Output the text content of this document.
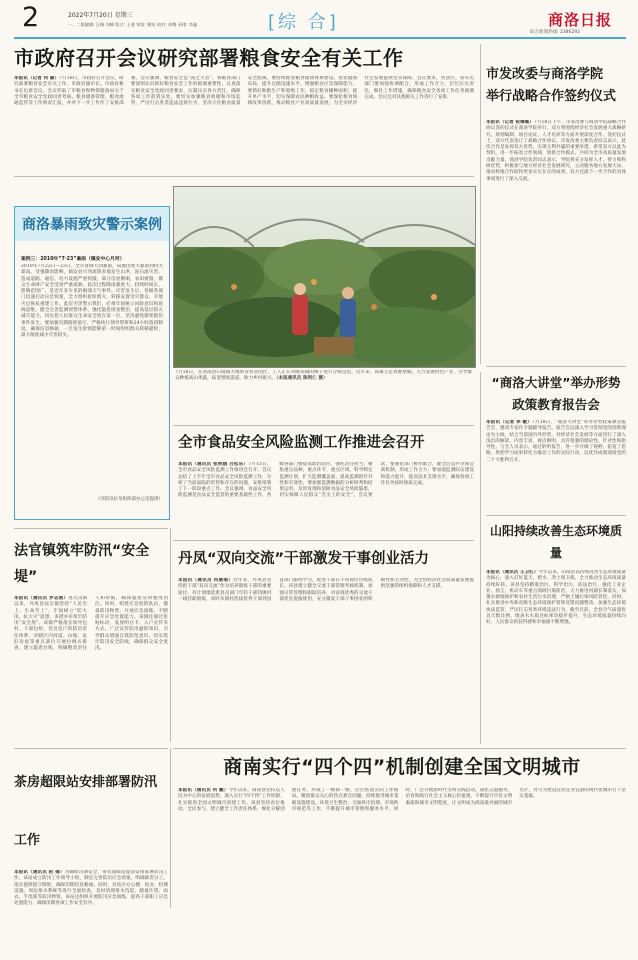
2	2022年7月20日 星期三
一、二版编辑: 汪臻 刘峰 版式: 王斐 审读: 柳东 校对: 胡梅 录排: 李鑫	[综 合]	商洛日报
综合新闻热线: 2386292
市政府召开会议研究部署粮食安全有关工作
本报讯（记者 何 颖）7月18日，市政府召开会议，研究部署粮食安全有关工作。市政府副市长、市政府秘书长出席会议。会议听取了市粮食和物资储备局关于全市粮食安全党政同责考核、粮食储备管理、粮食流通监管等工作情况汇报，并对下一步工作作了安排部署。会议强调，粮食安全是“国之大者”，各级各部门要深刻认识抓好粮食安全工作的极端重要性，认真落实粮食安全党政同责要求，压紧压实各方责任，确保各项工作落到实处。要切实加强粮食收储和市场监管，严厉打击各类违法违规行为，坚决守住粮食质量安全底线。要持续推进粮食储备体系建设，优化储备布局，提升仓储设施水平，增强粮食应急保障能力。要抓好秋粮生产和收购工作，稳定粮食播种面积，提升单产水平，切实保障农民种粮收益。要深化粮食领域改革创新，推动粮食产业高质量发展，为全市经济社会发展提供坚实保障。会议要求，各县区、各有关部门要加强协调配合，形成工作合力，层层压实责任，细化工作措施，确保粮食安全各项工作任务圆满完成。会议还对其他相关工作进行了安排。
市发改委与商洛学院
举行战略合作签约仪式
本报讯（记者 祝琳璐）7月18日下午，市发改委与商洛学院战略合作协议签约仪式在商洛学院举行。双方将围绕经济社会发展重大战略研究、规划编制、项目论证、人才培养等方面开展深度合作。签约仪式上，双方代表签订了战略合作协议。市发改委主要负责同志表示，此次合作是发挥双方优势、实现互利共赢的重要举措，希望双方以此为契机，进一步拓宽合作领域，创新合作模式，共同为全市高质量发展贡献力量。商洛学院负责同志表示，学院将充分发挥人才、智力和科研优势，积极参与地方经济社会发展研究，主动服务地方发展大局，推动校地合作取得更多实实在在的成果。双方还就下一步合作的具体事项进行了深入交流。
商洛暴雨致灾警示案例
案例三：2010年“7·23”暴雨（镇安中心月河）
2010年7月22日—23日，全市普降大到暴雨，局地出现大暴雨到特大暴雨。受强降雨影响，镇安县月河流域多地发生山洪、泥石流灾害，造成道路、通信、电力设施严重损毁，部分房屋倒塌，农田被毁，群众生命财产安全受到严重威胁。此次过程降雨强度大、持续时间长、影响范围广，是近年来少见的极端天气事件。灾害发生后，各级各部门迅速启动应急预案，全力组织抢险救灾，转移安置受灾群众，开展灾后恢复重建工作。此次灾害警示我们，必须牢固树立风险意识和底线思维，健全完善监测预警体系，强化隐患排查整治，提高基层防灾减灾能力，切实把人民群众生命安全放在第一位，坚决避免群死群伤事件发生。要加强汛期值班值守，严格执行领导带班和24小时值班制度，确保信息畅通，一旦发生险情能够第一时间组织群众转移避险，最大限度减少灾害损失。
（市防汛抗旱指挥部办公室提供）
7月18日，在洛南县石坡镇大地果业农业园区，工人正在对刚采摘的桃子进行分拣包装。近年来，该镇立足资源禀赋，大力发展特色产业，引导群众种植高山果蔬，拓宽增收渠道，助力乡村振兴。（本报通讯员 陈利仁 摄）	“商洛大讲堂”举办形势政策教育报告会
本报讯（记者 李 敏）7月18日，“商洛大讲堂”举办形势政策教育报告会，邀请专家作专题辅导报告。报告会以深入学习贯彻党的创新理论为主线，结合当前国内外形势，对经济社会发展等方面进行了深入浅出的解读，内容丰富，观点鲜明，具有很强的理论性、针对性和指导性。与会人员表示，通过聆听报告，进一步开阔了视野、拓宽了思路，将把学习成果转化为推动工作的实际行动，以优异成绩迎接党的二十大胜利召开。
全市食品安全风险监测工作推进会召开
本报讯（通讯员 张秋娥 吕松东）7月15日，全市食品安全风险监测工作推进会召开。会议总结了上半年全市食品安全风险监测工作，分析了当前面临的形势和存在的问题，安排部署了下一阶段重点工作。会议强调，食品安全风险监测是食品安全监管的重要基础性工作，各级各部门要提高政治站位，强化责任担当，聚焦重点品种、重点环节、重点区域，科学制定监测计划，扩大监测覆盖面，提高监测的针对性和有效性。要加强监测数据的分析研判和结果运用，及时发现和消除食品安全风险隐患，切实保障人民群众“舌尖上的安全”。会议要求，要强化部门协作配合，健全信息共享和会商机制，形成工作合力；要加强监测队伍建设和能力提升，提高技术支撑水平，确保各项工作任务按时保质完成。
山阳持续改善生态环境质量
本报讯（通讯员 王卫红）今年以来，山阳县以持续改善生态环境质量为核心，深入打好蓝天、碧水、净土保卫战，全力推动生态环境质量持续好转。该县坚持精准治污、科学治污、依法治污，强化工业企业、扬尘、机动车等重点领域污染防治，大力推进河湖长制落实，加强水源地保护和农村生活污水治理，严格土壤污染风险管控。同时，扎实推进中央和省级生态环境保护督察反馈问题整改，加强生态环境执法监管，严厉打击各类环境违法行为。截至目前，全县空气质量优良天数比例、地表水水质达标率均稳步提升，生态环境质量持续向好，人民群众的获得感和幸福感不断增强。
法官镇筑牢防汛“安全堤”
本报讯（通讯员 罗志刚）进入汛期以来，丹凤县法官镇坚持“人民至上、生命至上”，牢固树立“防大汛、抗大灾”思想，多措并举筑牢防汛“安全堤”。该镇严格落实领导包村、干部包组、党员包户的防汛责任体系，对辖区内河道、山坡、危旧房屋等重点部位开展拉网式排查，建立隐患台账，明确整改责任人和时限，确保隐患及时整改到位。同时，组建应急抢险队伍，储备防汛物资，开展应急演练，不断提升应急处置能力。该镇还通过张贴标语、发放明白卡、入户宣传等方式，广泛宣传防汛避险知识，引导群众增强自我防范意识，切实筑牢防汛安全防线，确保群众安全度汛。
丹凤“双向交流”干部激发干事创业活力
本报讯（通讯员 何康瑞）近年来，丹凤县坚持把干部“双向交流”作为培养锻炼干部的重要途径，有计划地选派县直部门年轻干部到镇村一线挂职锻炼，同时从镇村选拔优秀干部到县直部门跟班学习，促进干部在不同岗位历练成长。该县建立健全交流干部管理考核机制，加强日常管理和跟踪培养，对表现优秀的交流干部优先提拔使用，充分激发干部干事创业的积极性和主动性，为全县经济社会高质量发展提供坚强的组织保障和人才支撑。
商南实行“四个四”机制创建全国文明城市
本报讯（通讯员 何 鹏）今年以来，商南县坚持以人民为中心的发展思想，深入实行“四个四”工作机制，扎实推进全国文明城市创建工作。该县坚持高位推动、全民参与，建立健全工作责任体系，细化分解创建任务，形成了一级抓一级、层层抓落实的工作格局。聚焦群众关心的热点难点问题，持续推进城市基础设施建设、环境卫生整治、交通秩序治理、市场秩序规范等工作，不断提升城市管理和服务水平。同时，广泛开展新时代文明实践活动，深化志愿服务，培育和践行社会主义核心价值观，不断提升市民文明素质和城市文明程度，让文明成为商南最亮丽的城市名片，努力为建设宜居宜业宜游的现代化城市打下坚实基础。
茶房超限站安排部署防汛工作
本报讯（通讯员 赵 倩）为确保汛期安全，茶房超限站提前安排部署防汛工作。该站成立防汛工作领导小组，制定完善防汛应急预案，明确职责分工，落实值班值守制度，确保汛期信息畅通。同时，对站区办公楼、宿舍、检测设施、周边排水系统等进行全面检查，及时清理排水沟渠，储备沙袋、雨衣、手电筒等防汛物资。该站还组织开展防汛应急演练，提高干部职工应急处置能力，确保汛期各项工作安全有序。
